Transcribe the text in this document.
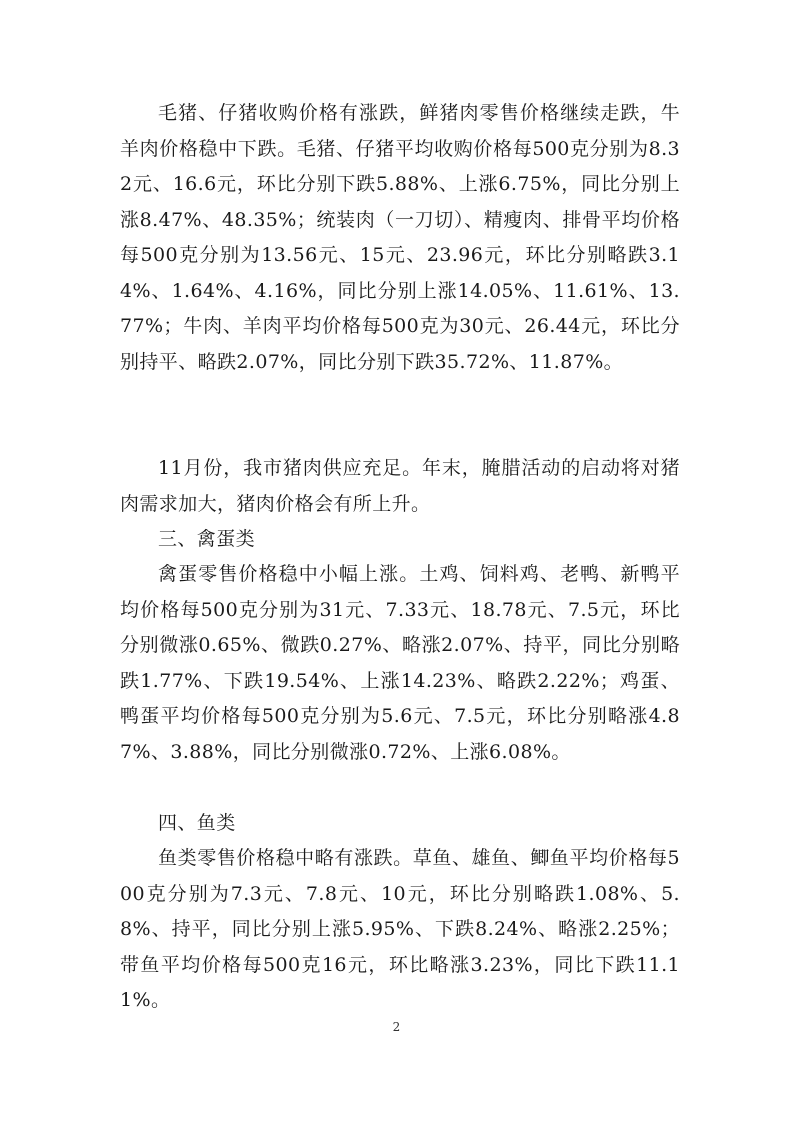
毛猪、仔猪收购价格有涨跌，鲜猪肉零售价格继续走跌，牛羊肉价格稳中下跌。毛猪、仔猪平均收购价格每500克分别为8.32元、16.6元，环比分别下跌5.88%、上涨6.75%，同比分别上涨8.47%、48.35%；统装肉（一刀切）、精瘦肉、排骨平均价格每500克分别为13.56元、15元、23.96元，环比分别略跌3.14%、1.64%、4.16%，同比分别上涨14.05%、11.61%、13.77%；牛肉、羊肉平均价格每500克为30元、26.44元，环比分别持平、略跌2.07%，同比分别下跌35.72%、11.87%。

11月份，我市猪肉供应充足。年末，腌腊活动的启动将对猪肉需求加大，猪肉价格会有所上升。

三、禽蛋类

禽蛋零售价格稳中小幅上涨。土鸡、饲料鸡、老鸭、新鸭平均价格每500克分别为31元、7.33元、18.78元、7.5元，环比分别微涨0.65%、微跌0.27%、略涨2.07%、持平，同比分别略跌1.77%、下跌19.54%、上涨14.23%、略跌2.22%；鸡蛋、鸭蛋平均价格每500克分别为5.6元、7.5元，环比分别略涨4.87%、3.88%，同比分别微涨0.72%、上涨6.08%。

四、鱼类

鱼类零售价格稳中略有涨跌。草鱼、雄鱼、鲫鱼平均价格每500克分别为7.3元、7.8元、10元，环比分别略跌1.08%、5.8%、持平，同比分别上涨5.95%、下跌8.24%、略涨2.25%；带鱼平均价格每500克16元，环比略涨3.23%，同比下跌11.11%。

2
